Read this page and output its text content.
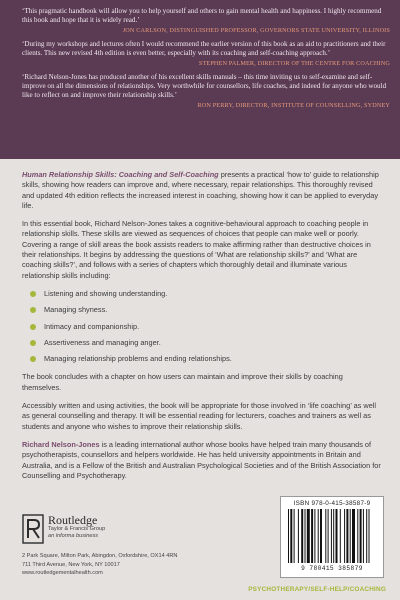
‘This pragmatic handbook will allow you to help yourself and others to gain mental health and happiness. I highly recommend this book and hope that it is widely read.’
JON CARLSON, DISTINGUISHED PROFESSOR, GOVERNORS STATE UNIVERSITY, ILLINOIS
‘During my workshops and lectures often I would recommend the earlier version of this book as an aid to practitioners and their clients. This new revised 4th edition is even better, especially with its coaching and self-coaching approach.’
STEPHEN PALMER, DIRECTOR OF THE CENTRE FOR COACHING
‘Richard Nelson-Jones has produced another of his excellent skills manuals – this time inviting us to self-examine and self-improve on all the dimensions of relationships. Very worthwhile for counsellors, life coaches, and indeed for anyone who would like to reflect on and improve their relationship skills.’
RON PERRY, DIRECTOR, INSTITUTE OF COUNSELLING, SYDNEY

Human Relationship Skills: Coaching and Self-Coaching presents a practical ‘how to’ guide to relationship skills, showing how readers can improve and, where necessary, repair relationships. This thoroughly revised and updated 4th edition reflects the increased interest in coaching, showing how it can be applied to everyday life.

In this essential book, Richard Nelson-Jones takes a cognitive-behavioural approach to coaching people in relationship skills. These skills are viewed as sequences of choices that people can make well or poorly. Covering a range of skill areas the book assists readers to make affirming rather than destructive choices in their relationships. It begins by addressing the questions of ‘What are relationship skills?’ and ‘What are coaching skills?’, and follows with a series of chapters which thoroughly detail and illuminate various relationship skills including:

Listening and showing understanding.
Managing shyness.
Intimacy and companionship.
Assertiveness and managing anger.
Managing relationship problems and ending relationships.

The book concludes with a chapter on how users can maintain and improve their skills by coaching themselves.

Accessibly written and using activities, the book will be appropriate for those involved in ‘life coaching’ as well as general counselling and therapy. It will be essential reading for lecturers, coaches and trainers as well as students and anyone who wishes to improve their relationship skills.

Richard Nelson-Jones is a leading international author whose books have helped train many thousands of psychotherapists, counsellors and helpers worldwide. He has held university appointments in Britain and Australia, and is a Fellow of the British and Australian Psychological Societies and of the British Association for Counselling and Psychotherapy.

Routledge
Taylor & Francis Group
an informa business
2 Park Square, Milton Park, Abingdon, Oxfordshire, OX14 4RN
711 Third Avenue, New York, NY 10017
www.routledgementalhealth.com
ISBN 978-0-415-38587-9
9 780415 385879
PSYCHOTHERAPY/SELF-HELP/COACHING
